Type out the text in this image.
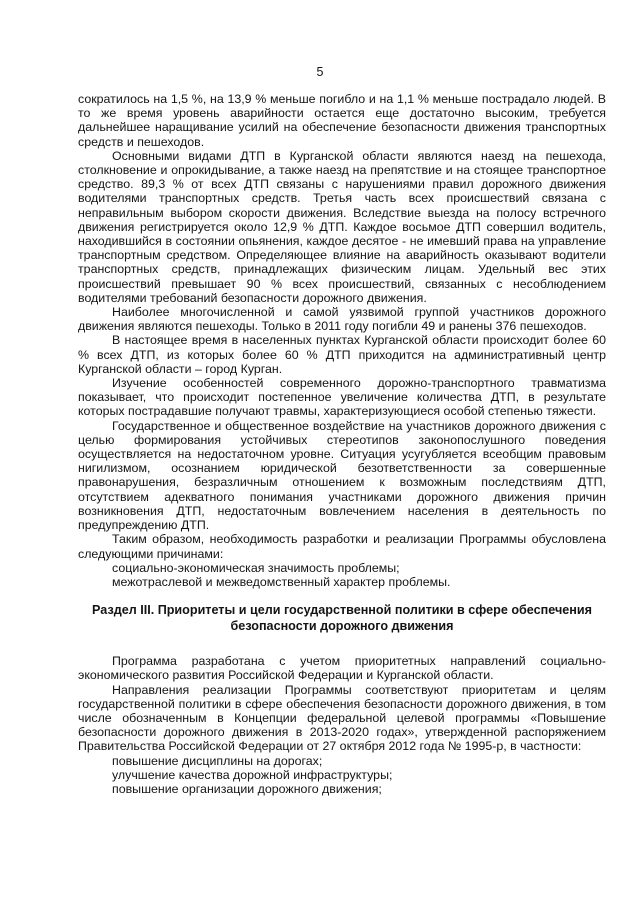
5

сократилось на 1,5 %, на 13,9 % меньше погибло и на 1,1 % меньше пострадало людей. В то же время уровень аварийности остается еще достаточно высоким, требуется дальнейшее наращивание усилий на обеспечение безопасности движения транспортных средств и пешеходов.

Основными видами ДТП в Курганской области являются наезд на пешехода, столкновение и опрокидывание, а также наезд на препятствие и на стоящее транспортное средство. 89,3 % от всех ДТП связаны с нарушениями правил дорожного движения водителями транспортных средств. Третья часть всех происшествий связана с неправильным выбором скорости движения. Вследствие выезда на полосу встречного движения регистрируется около 12,9 % ДТП. Каждое восьмое ДТП совершил водитель, находившийся в состоянии опьянения, каждое десятое - не имевший права на управление транспортным средством. Определяющее влияние на аварийность оказывают водители транспортных средств, принадлежащих физическим лицам. Удельный вес этих происшествий превышает 90 % всех происшествий, связанных с несоблюдением водителями требований безопасности дорожного движения.

Наиболее многочисленной и самой уязвимой группой участников дорожного движения являются пешеходы. Только в 2011 году погибли 49 и ранены 376 пешеходов.

В настоящее время в населенных пунктах Курганской области происходит более 60 % всех ДТП, из которых более 60 % ДТП приходится на административный центр Курганской области – город Курган.

Изучение особенностей современного дорожно-транспортного травматизма показывает, что происходит постепенное увеличение количества ДТП, в результате которых пострадавшие получают травмы, характеризующиеся особой степенью тяжести.

Государственное и общественное воздействие на участников дорожного движения с целью формирования устойчивых стереотипов законопослушного поведения осуществляется на недостаточном уровне. Ситуация усугубляется всеобщим правовым нигилизмом, осознанием юридической безответственности за совершенные правонарушения, безразличным отношением к возможным последствиям ДТП, отсутствием адекватного понимания участниками дорожного движения причин возникновения ДТП, недостаточным вовлечением населения в деятельность по предупреждению ДТП.

Таким образом, необходимость разработки и реализации Программы обусловлена следующими причинами:

социально-экономическая значимость проблемы;

межотраслевой и межведомственный характер проблемы.

Раздел III. Приоритеты и цели государственной политики в сфере обеспечения безопасности дорожного движения

Программа разработана с учетом приоритетных направлений социально-экономического развития Российской Федерации и Курганской области.

Направления реализации Программы соответствуют приоритетам и целям государственной политики в сфере обеспечения безопасности дорожного движения, в том числе обозначенным в Концепции федеральной целевой программы «Повышение безопасности дорожного движения в 2013-2020 годах», утвержденной распоряжением Правительства Российской Федерации от 27 октября 2012 года № 1995-р, в частности:

повышение дисциплины на дорогах;

улучшение качества дорожной инфраструктуры;

повышение организации дорожного движения;
